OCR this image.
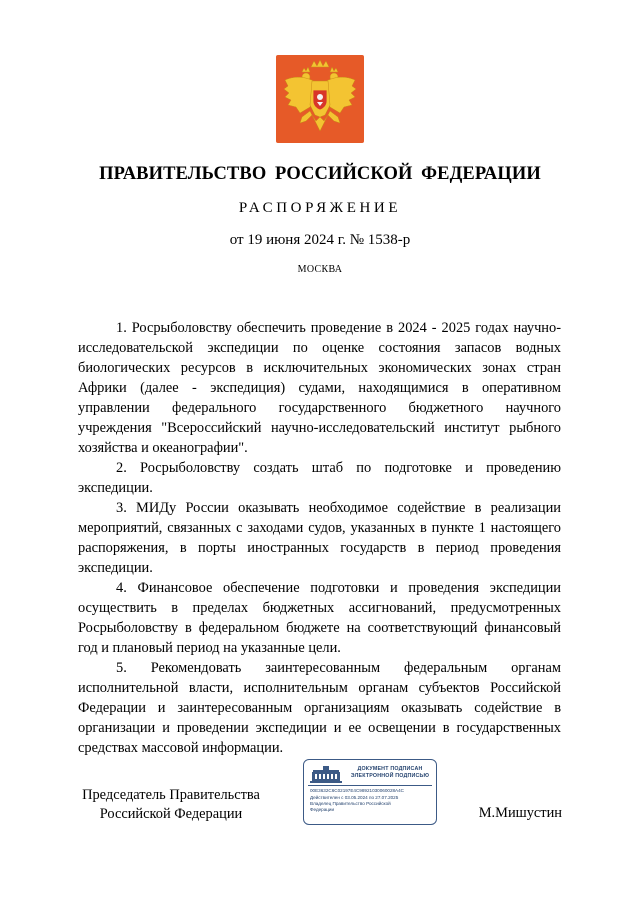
ПРАВИТЕЛЬСТВО РОССИЙСКОЙ ФЕДЕРАЦИИ
РАСПОРЯЖЕНИЕ
от 19 июня 2024 г. № 1538-р
МОСКВА

1. Росрыболовству обеспечить проведение в 2024 - 2025 годах научно-исследовательской экспедиции по оценке состояния запасов водных биологических ресурсов в исключительных экономических зонах стран Африки (далее - экспедиция) судами, находящимися в оперативном управлении федерального государственного бюджетного научного учреждения "Всероссийский научно-исследовательский институт рыбного хозяйства и океанографии".

2. Росрыболовству создать штаб по подготовке и проведению экспедиции.

3. МИДу России оказывать необходимое содействие в реализации мероприятий, связанных с заходами судов, указанных в пункте 1 настоящего распоряжения, в порты иностранных государств в период проведения экспедиции.

4. Финансовое обеспечение подготовки и проведения экспедиции осуществить в пределах бюджетных ассигнований, предусмотренных Росрыболовству в федеральном бюджете на соответствующий финансовый год и плановый период на указанные цели.

5. Рекомендовать заинтересованным федеральным органам исполнительной власти, исполнительным органам субъектов Российской Федерации и заинтересованным организациям оказывать содействие в организации и проведении экспедиции и ее освещении в государственных средствах массовой информации.

Председатель Правительства
Российской Федерации
ДОКУМЕНТ ПОДПИСАН
ЭЛЕКТРОННОЙ ПОДПИСЬЮ
00E3632C6C02197E4C98921030060028A4C
Действителен с 03.05.2024 по 27.07.2025
Владелец Правительство Российской
Федерации	М.Мишустин
